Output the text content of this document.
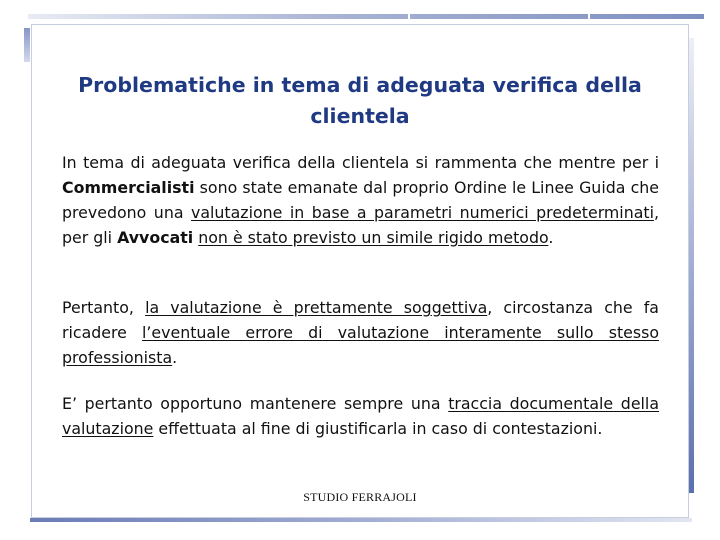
Problematiche in tema di adeguata verifica della clientela
In tema di adeguata verifica della clientela si rammenta che mentre per i Commercialisti sono state emanate dal proprio Ordine le Linee Guida che prevedono una valutazione in base a parametri numerici predeterminati, per gli Avvocati non è stato previsto un simile rigido metodo.
Pertanto, la valutazione è prettamente soggettiva, circostanza che fa ricadere l’eventuale errore di valutazione interamente sullo stesso professionista.
E’ pertanto opportuno mantenere sempre una traccia documentale della valutazione effettuata al fine di giustificarla in caso di contestazioni.
STUDIO FERRAJOLI
